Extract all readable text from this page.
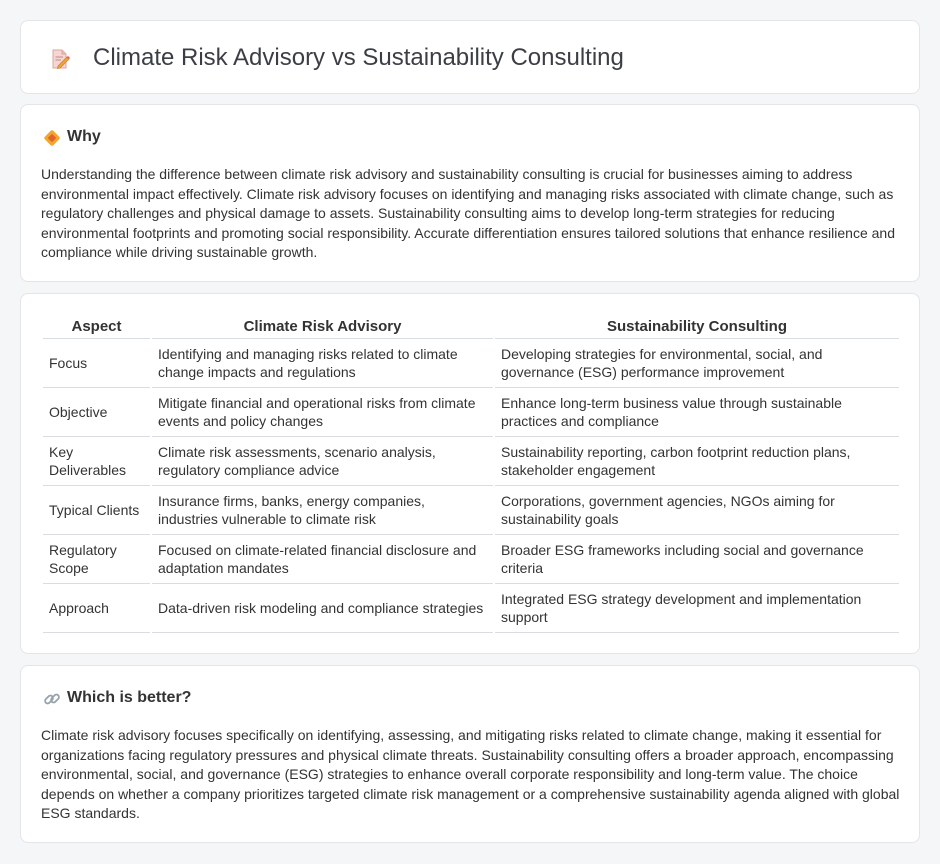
Climate Risk Advisory vs Sustainability Consulting
Why

Understanding the difference between climate risk advisory and sustainability consulting is crucial for businesses aiming to address environmental impact effectively. Climate risk advisory focuses on identifying and managing risks associated with climate change, such as regulatory challenges and physical damage to assets. Sustainability consulting aims to develop long-term strategies for reducing environmental footprints and promoting social responsibility. Accurate differentiation ensures tailored solutions that enhance resilience and compliance while driving sustainable growth.

Aspect	Climate Risk Advisory	Sustainability Consulting
Focus	Identifying and managing risks related to climate change impacts and regulations	Developing strategies for environmental, social, and governance (ESG) performance improvement
Objective	Mitigate financial and operational risks from climate events and policy changes	Enhance long-term business value through sustainable practices and compliance
Key Deliverables	Climate risk assessments, scenario analysis, regulatory compliance advice	Sustainability reporting, carbon footprint reduction plans, stakeholder engagement
Typical Clients	Insurance firms, banks, energy companies, industries vulnerable to climate risk	Corporations, government agencies, NGOs aiming for sustainability goals
Regulatory Scope	Focused on climate-related financial disclosure and adaptation mandates	Broader ESG frameworks including social and governance criteria
Approach	Data-driven risk modeling and compliance strategies	Integrated ESG strategy development and implementation support
Which is better?

Climate risk advisory focuses specifically on identifying, assessing, and mitigating risks related to climate change, making it essential for organizations facing regulatory pressures and physical climate threats. Sustainability consulting offers a broader approach, encompassing environmental, social, and governance (ESG) strategies to enhance overall corporate responsibility and long-term value. The choice depends on whether a company prioritizes targeted climate risk management or a comprehensive sustainability agenda aligned with global ESG standards.
